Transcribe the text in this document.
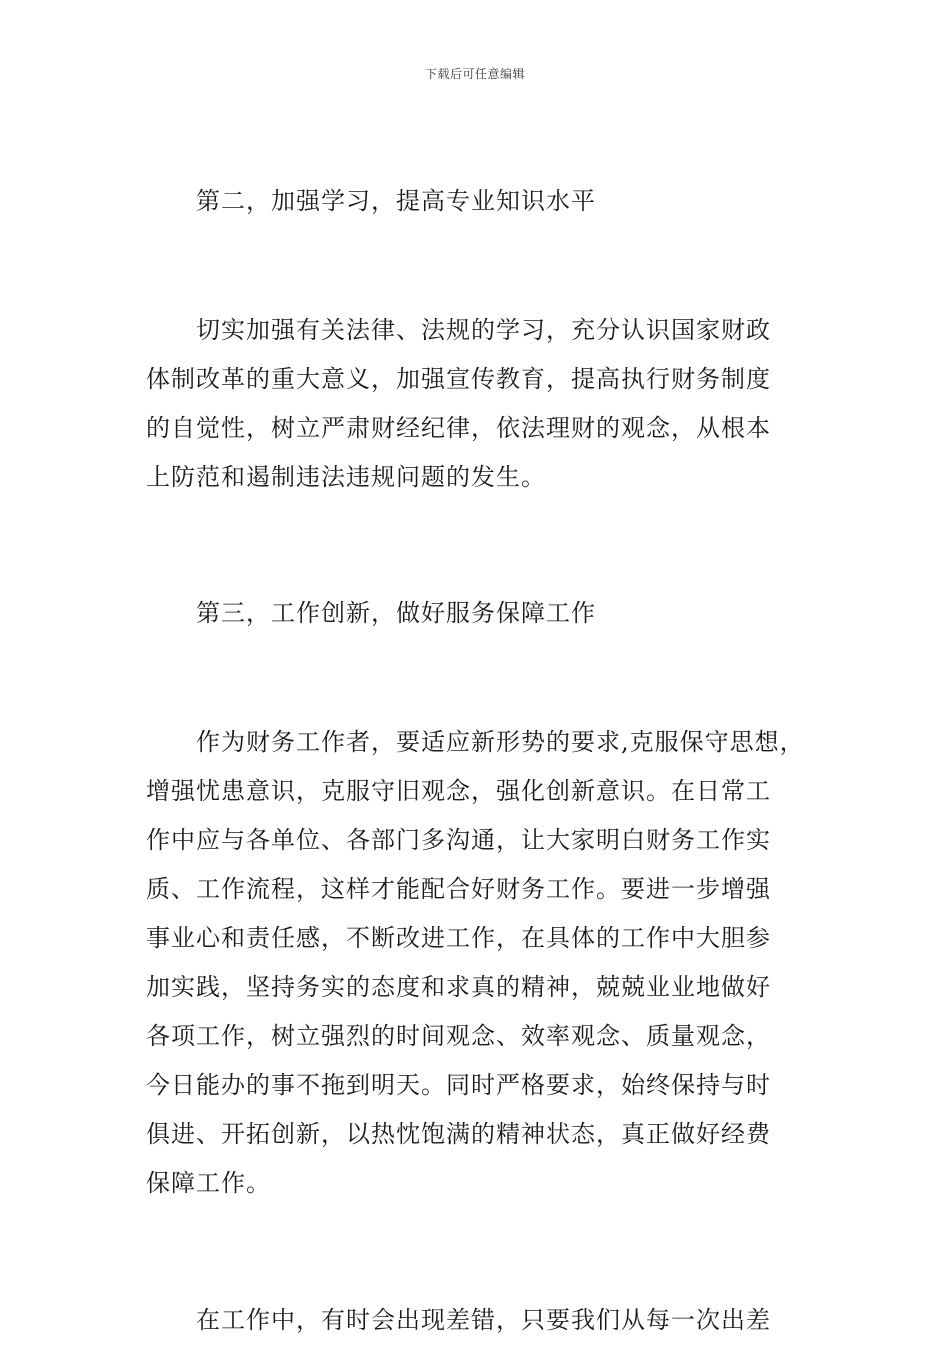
下载后可任意编辑
第二，加强学习，提高专业知识水平

切实加强有关法律、法规的学习，充分认识国家财政
体制改革的重大意义，加强宣传教育，提高执行财务制度
的自觉性，树立严肃财经纪律，依法理财的观念，从根本
上防范和遏制违法违规问题的发生。

第三，工作创新，做好服务保障工作

作为财务工作者，要适应新形势的要求,克服保守思想，
增强忧患意识，克服守旧观念，强化创新意识。在日常工
作中应与各单位、各部门多沟通，让大家明白财务工作实
质、工作流程，这样才能配合好财务工作。要进一步增强
事业心和责任感，不断改进工作，在具体的工作中大胆参
加实践，坚持务实的态度和求真的精神，兢兢业业地做好
各项工作，树立强烈的时间观念、效率观念、质量观念，
今日能办的事不拖到明天。同时严格要求，始终保持与时
俱进、开拓创新，以热忱饱满的精神状态，真正做好经费
保障工作。

在工作中，有时会出现差错，只要我们从每一次出差
